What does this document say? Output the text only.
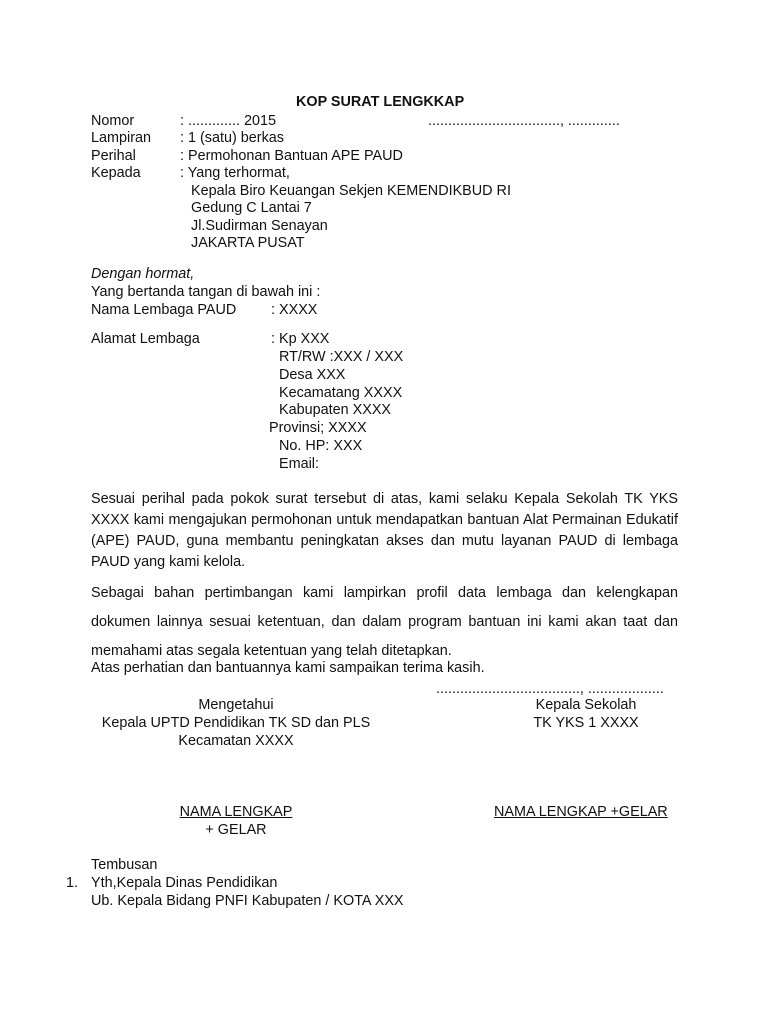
KOP SURAT LENGKKAP
Nomor	: ............. 2015	................................., .............
Lampiran : 1 (satu) berkas
Perihal	: Permohonan Bantuan APE PAUD
Kepada	: Yang terhormat,
Kepala Biro Keuangan Sekjen KEMENDIKBUD RI
Gedung C Lantai 7
Jl.Sudirman Senayan
JAKARTA PUSAT
Dengan hormat,
Yang bertanda tangan di bawah ini :
Nama Lembaga PAUD : XXXX
Alamat Lembaga	: Kp XXX
RT/RW :XXX / XXX
Desa XXX
Kecamatang XXXX
Kabupaten XXXX
Provinsi; XXXX
No. HP: XXX
Email:
Sesuai perihal pada pokok surat tersebut di atas, kami selaku Kepala Sekolah TK YKS XXXX kami mengajukan permohonan untuk mendapatkan bantuan Alat Permainan Edukatif (APE) PAUD, guna membantu peningkatan akses dan mutu layanan PAUD di lembaga PAUD yang kami kelola.
Sebagai bahan pertimbangan kami lampirkan profil data lembaga dan kelengkapan dokumen lainnya sesuai ketentuan, dan dalam program bantuan ini kami akan taat dan memahami atas segala ketentuan yang telah ditetapkan.
Atas perhatian dan bantuannya kami sampaikan terima kasih.
...................................., ...................
Mengetahui
Kepala UPTD Pendidikan TK SD dan PLS
Kecamatan XXXX
NAMA LENGKAP
+ GELAR
Kepala Sekolah
TK YKS 1 XXXX
NAMA LENGKAP +GELAR
Tembusan
1. Yth,Kepala Dinas Pendidikan
Ub. Kepala Bidang PNFI Kabupaten / KOTA XXX
